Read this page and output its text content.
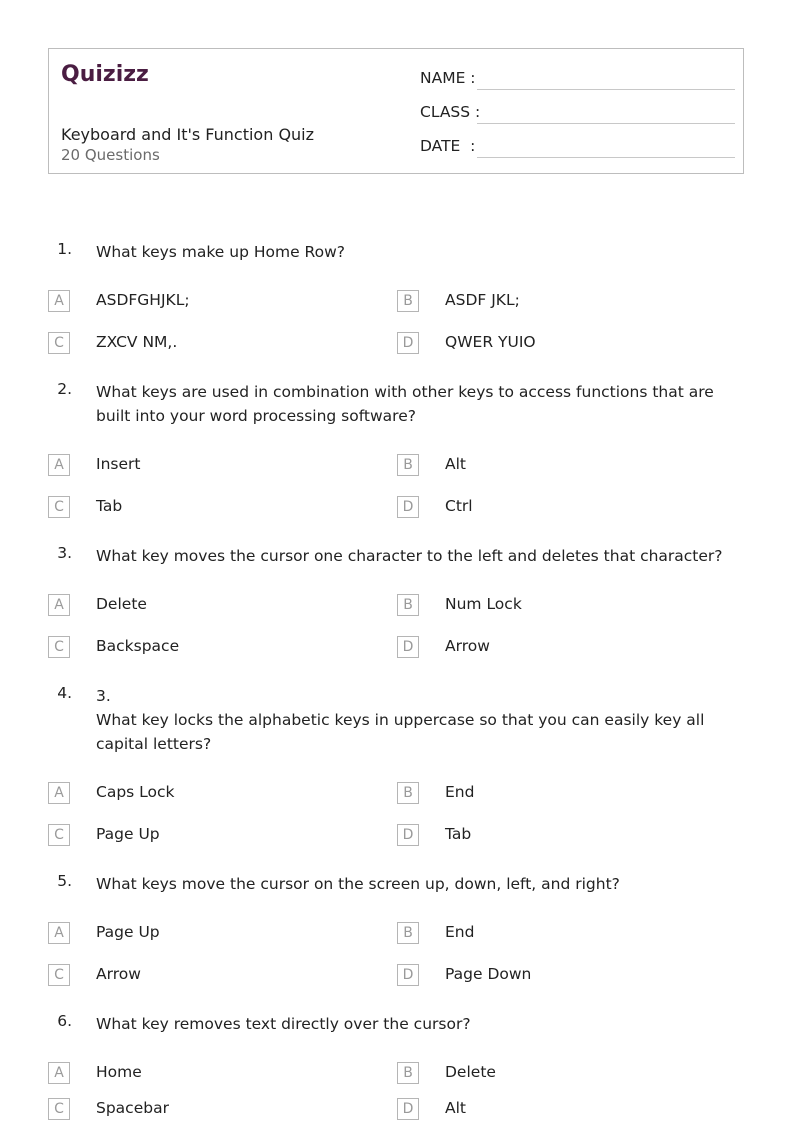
Quizizz
Keyboard and It's Function Quiz
20 Questions
NAME :
CLASS :
DATE  :
1. What keys make up Home Row?
A	ASDFGHJKL;	B	ASDF JKL;
C	ZXCV NM,.	D	QWER YUIO
2. What keys are used in combination with other keys to access functions that are built into your word processing software?
A	Insert	B	Alt
C	Tab	D	Ctrl
3. What key moves the cursor one character to the left and deletes that character?
A	Delete	B	Num Lock
C	Backspace	D	Arrow
4. 3.
What key locks the alphabetic keys in uppercase so that you can easily key all capital letters?
A	Caps Lock	B	End
C	Page Up	D	Tab
5. What keys move the cursor on the screen up, down, left, and right?
A	Page Up	B	End
C	Arrow	D	Page Down
6. What key removes text directly over the cursor?
A	Home	B	Delete
C	Spacebar	D	Alt
